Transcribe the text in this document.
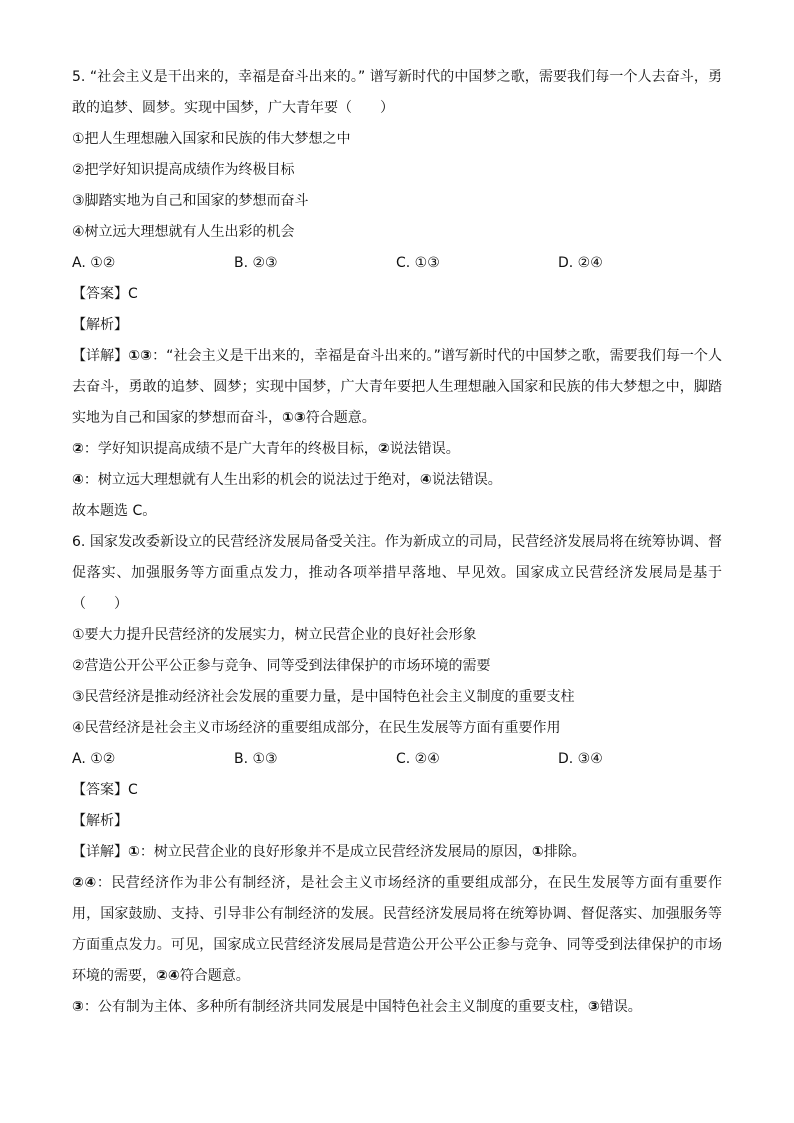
5. “社会主义是干出来的，幸福是奋斗出来的。” 谱写新时代的中国梦之歌，需要我们每一个人去奋斗，勇敢的追梦、圆梦。实现中国梦，广大青年要（　　）
①把人生理想融入国家和民族的伟大梦想之中
②把学好知识提高成绩作为终极目标
③脚踏实地为自己和国家的梦想而奋斗
④树立远大理想就有人生出彩的机会
A. ①②	B. ②③	C. ①③	D. ②④
【答案】C
【解析】
【详解】①③：“社会主义是干出来的，幸福是奋斗出来的。”谱写新时代的中国梦之歌，需要我们每一个人去奋斗，勇敢的追梦、圆梦；实现中国梦，广大青年要把人生理想融入国家和民族的伟大梦想之中，脚踏实地为自己和国家的梦想而奋斗，①③符合题意。
②：学好知识提高成绩不是广大青年的终极目标，②说法错误。
④：树立远大理想就有人生出彩的机会的说法过于绝对，④说法错误。
故本题选 C。
6. 国家发改委新设立的民营经济发展局备受关注。作为新成立的司局，民营经济发展局将在统筹协调、督促落实、加强服务等方面重点发力，推动各项举措早落地、早见效。国家成立民营经济发展局是基于（　　）
①要大力提升民营经济的发展实力，树立民营企业的良好社会形象
②营造公开公平公正参与竞争、同等受到法律保护的市场环境的需要
③民营经济是推动经济社会发展的重要力量，是中国特色社会主义制度的重要支柱
④民营经济是社会主义市场经济的重要组成部分，在民生发展等方面有重要作用
A. ①②	B. ①③	C. ②④	D. ③④
【答案】C
【解析】
【详解】①：树立民营企业的良好形象并不是成立民营经济发展局的原因，①排除。
②④：民营经济作为非公有制经济，是社会主义市场经济的重要组成部分，在民生发展等方面有重要作用，国家鼓励、支持、引导非公有制经济的发展。民营经济发展局将在统筹协调、督促落实、加强服务等方面重点发力。可见，国家成立民营经济发展局是营造公开公平公正参与竞争、同等受到法律保护的市场环境的需要，②④符合题意。
③：公有制为主体、多种所有制经济共同发展是中国特色社会主义制度的重要支柱，③错误。
